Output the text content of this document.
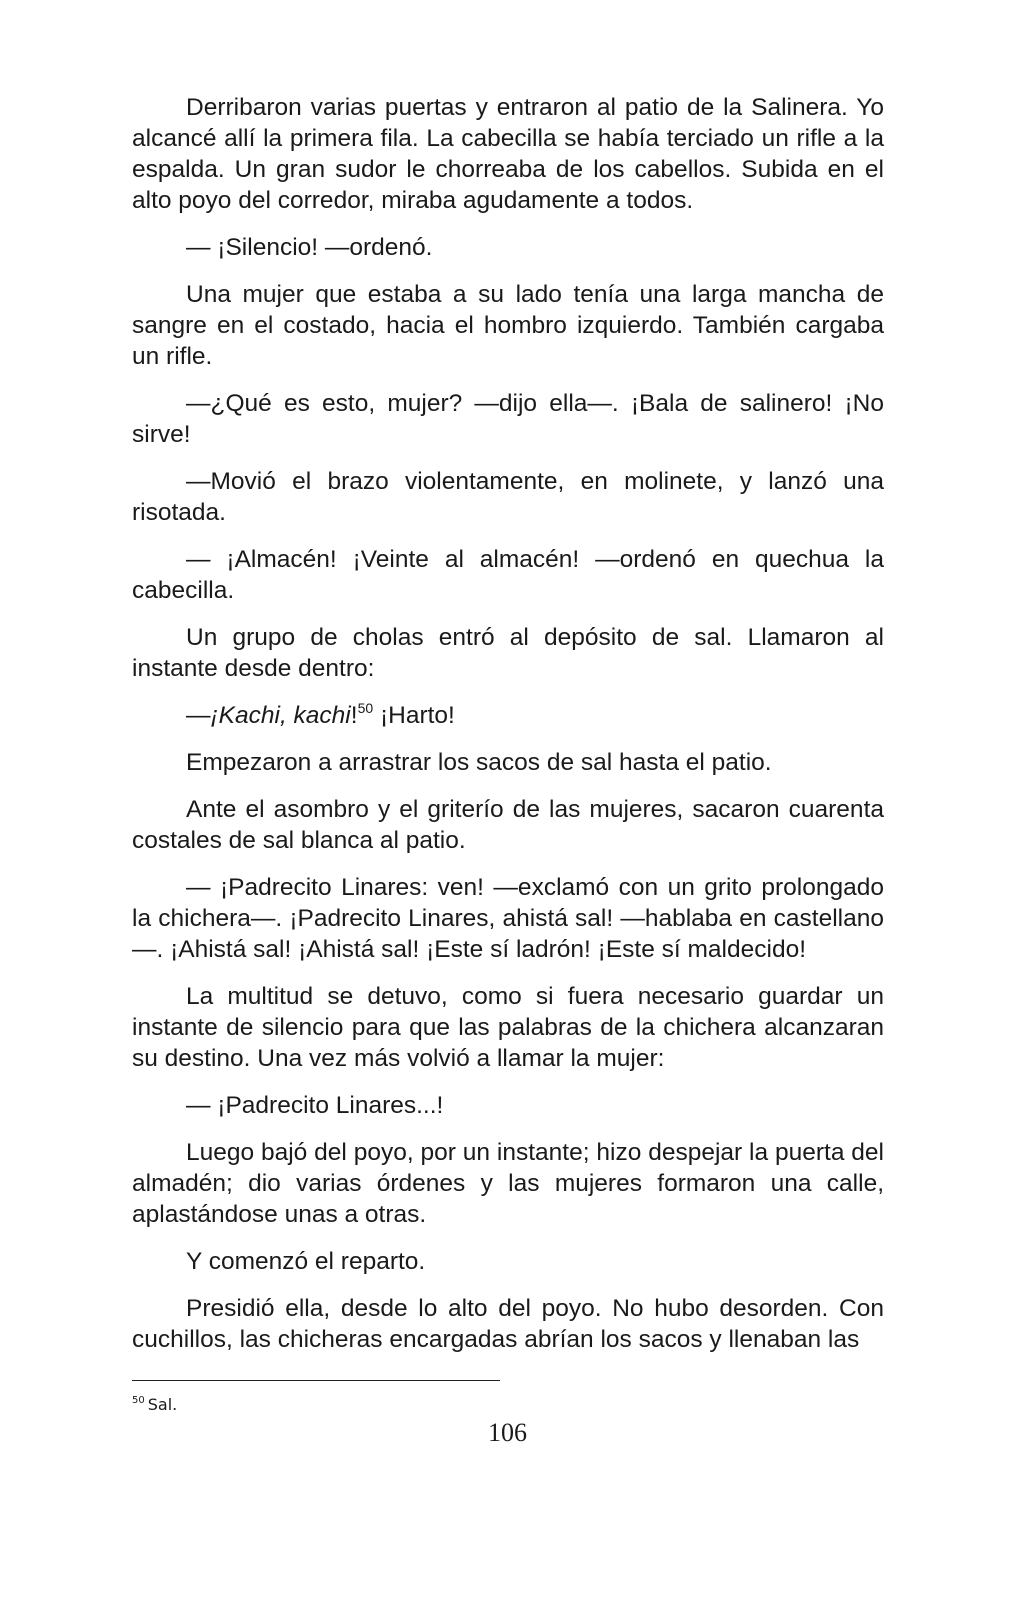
Derribaron varias puertas y entraron al patio de la Salinera. Yo alcancé allí la primera fila. La cabecilla se había terciado un rifle a la espalda. Un gran sudor le chorreaba de los cabellos. Subida en el alto poyo del corredor, miraba agudamente a todos.

— ¡Silencio! —ordenó.

Una mujer que estaba a su lado tenía una larga mancha de sangre en el costado, hacia el hombro izquierdo. También cargaba un rifle.

—¿Qué es esto, mujer? —dijo ella—. ¡Bala de salinero! ¡No sirve!

—Movió el brazo violentamente, en molinete, y lanzó una risotada.

— ¡Almacén! ¡Veinte al almacén! —ordenó en quechua la cabecilla.

Un grupo de cholas entró al depósito de sal. Llamaron al instante desde dentro:

—¡Kachi, kachi!$^{50}$ ¡Harto!

Empezaron a arrastrar los sacos de sal hasta el patio.

Ante el asombro y el griterío de las mujeres, sacaron cuarenta costales de sal blanca al patio.

— ¡Padrecito Linares: ven! —exclamó con un grito prolongado la chichera—. ¡Padrecito Linares, ahistá sal! —hablaba en castellano—. ¡Ahistá sal! ¡Ahistá sal! ¡Este sí ladrón! ¡Este sí maldecido!

La multitud se detuvo, como si fuera necesario guardar un instante de silencio para que las palabras de la chichera alcanzaran su destino. Una vez más volvió a llamar la mujer:

— ¡Padrecito Linares...!

Luego bajó del poyo, por un instante; hizo despejar la puerta del almadén; dio varias órdenes y las mujeres formaron una calle, aplastándose unas a otras.

Y comenzó el reparto.

Presidió ella, desde lo alto del poyo. No hubo desorden. Con cuchillos, las chicheras encargadas abrían los sacos y llenaban las

$^{50}$ Sal.
106
